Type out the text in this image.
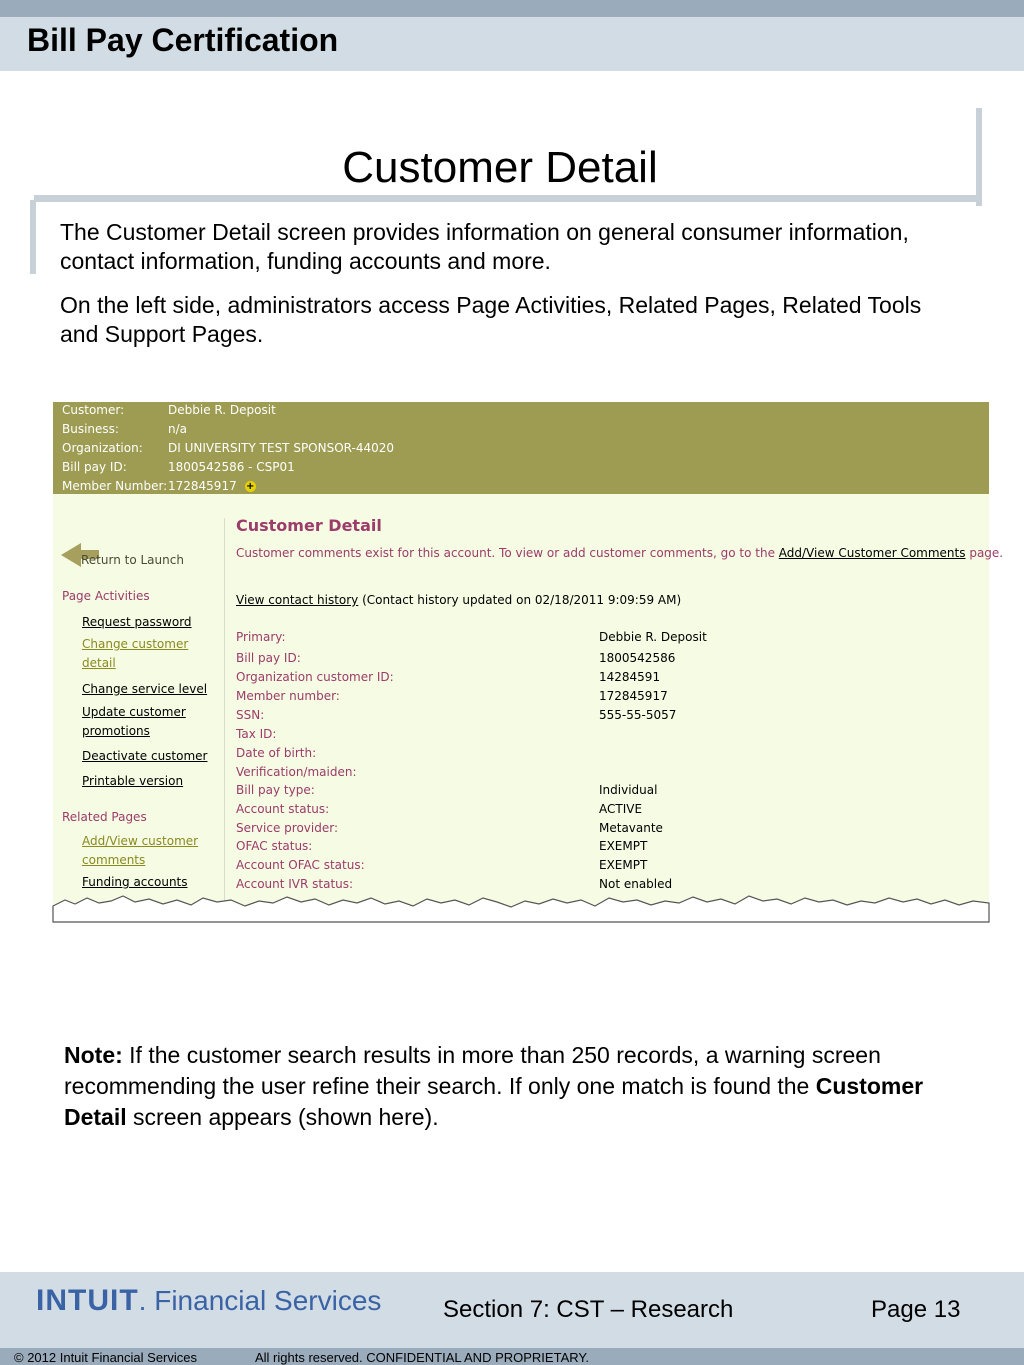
Bill Pay Certification
Customer Detail
The Customer Detail screen provides information on general consumer information, contact information, funding accounts and more.
On the left side, administrators access Page Activities, Related Pages, Related Tools and Support Pages.
Customer:	Debbie R. Deposit
Business:	n/a
Organization: DI UNIVERSITY TEST SPONSOR-44020
Bill pay ID:	1800542586 - CSP01
Member Number:172845917 +
Return to Launch
Page Activities
Request password
Change customer detail
Change service level
Update customer promotions
Deactivate customer
Printable version
Related Pages
Add/View customer comments
Funding accounts
Customer Detail
Customer comments exist for this account. To view or add customer comments, go to the Add/View Customer Comments page.
View contact history (Contact history updated on 02/18/2011 9:09:59 AM)
Primary:	Debbie R. Deposit
Bill pay ID:	1800542586
Organization customer ID:	14284591
Member number:	172845917
SSN:	555-55-5057
Tax ID:
Date of birth:
Verification/maiden:
Bill pay type:	Individual
Account status:	ACTIVE
Service provider:	Metavante
OFAC status:	EXEMPT
Account OFAC status:	EXEMPT
Account IVR status:	Not enabled
Note: If the customer search results in more than 250 records, a warning screen recommending the user refine their search. If only one match is found the Customer Detail screen appears (shown here).
INTUIT. Financial Services	Section 7: CST – Research	Page 13
© 2012 Intuit Financial Services	All rights reserved. CONFIDENTIAL AND PROPRIETARY.
